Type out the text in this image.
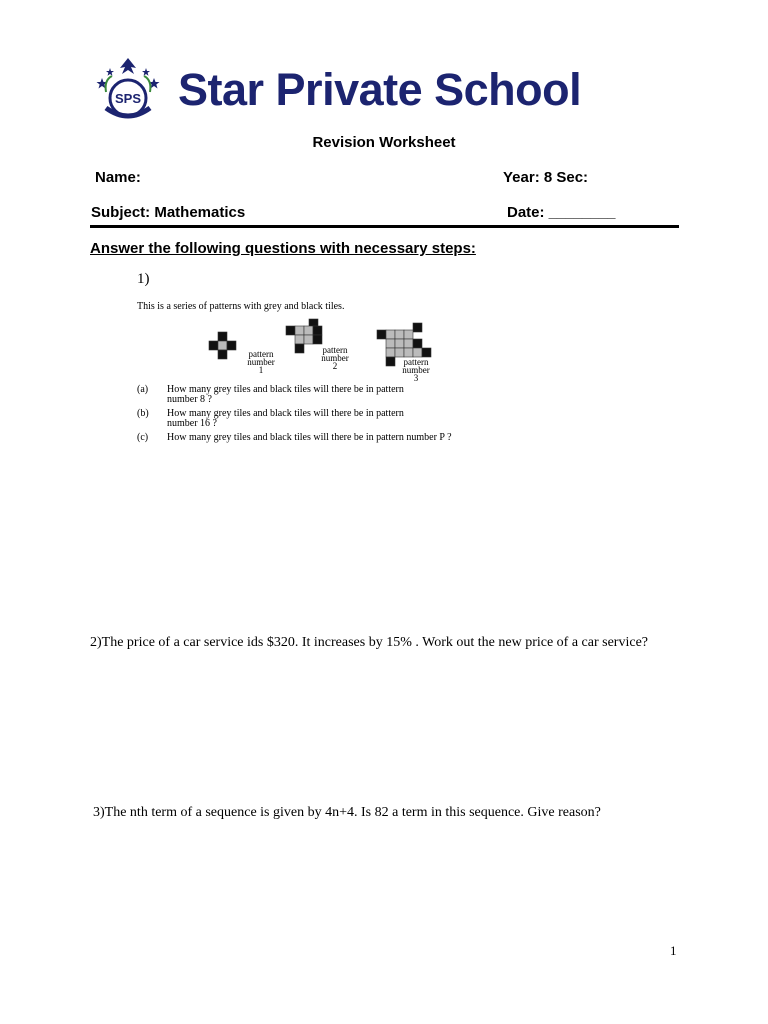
SPS Star Private School
Revision Worksheet
Name:	Year: 8 Sec:
Subject: Mathematics	Date: ________
Answer the following questions with necessary steps:
1)
This is a series of patterns with grey and black tiles.
pattern
number
1
pattern
number
2	pattern
number
3
(a) How many grey tiles and black tiles will there be in pattern
number 8 ?
(b) How many grey tiles and black tiles will there be in pattern
number 16 ?
(c) How many grey tiles and black tiles will there be in pattern number P ?
2)The price of a car service ids $320. It increases by 15% . Work out the new price of a car service?
3)The nth term of a sequence is given by 4n+4. Is 82 a term in this sequence. Give reason?
1
